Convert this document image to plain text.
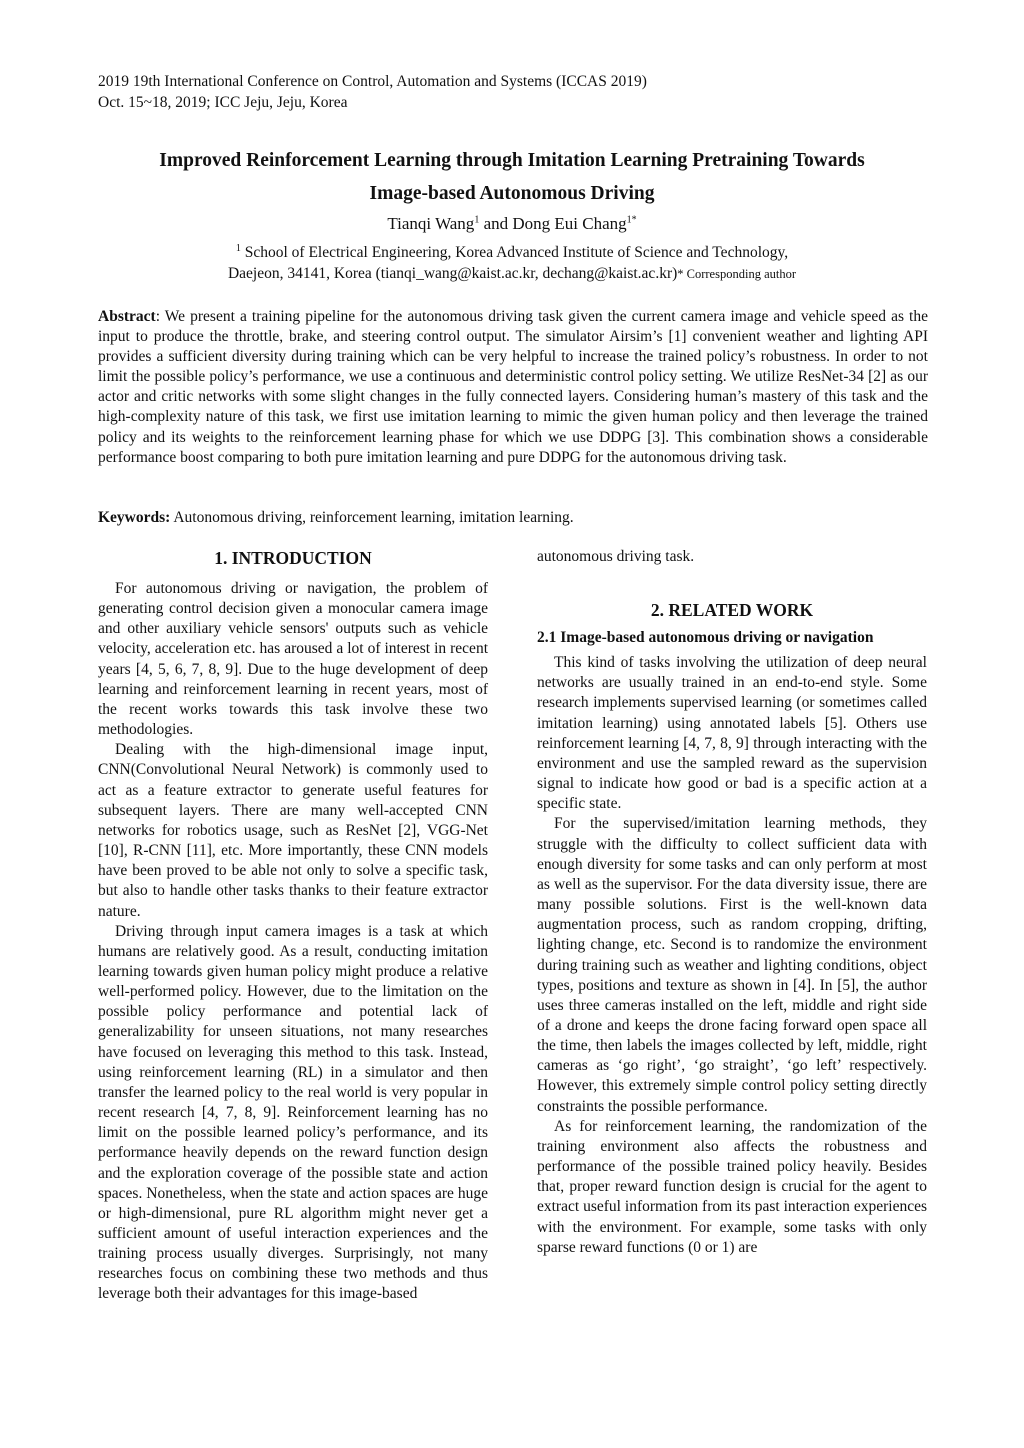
2019 19th International Conference on Control, Automation and Systems (ICCAS 2019)
Oct. 15~18, 2019; ICC Jeju, Jeju, Korea
Improved Reinforcement Learning through Imitation Learning Pretraining Towards
Image-based Autonomous Driving
Tianqi Wang$^1$ and Dong Eui Chang$^{1*}$
$^1$ School of Electrical Engineering, Korea Advanced Institute of Science and Technology,
Daejeon, 34141, Korea (tianqi_wang@kaist.ac.kr, dechang@kaist.ac.kr)* Corresponding author
Abstract: We present a training pipeline for the autonomous driving task given the current camera image and vehicle speed as the input to produce the throttle, brake, and steering control output. The simulator Airsim’s [1] convenient weather and lighting API provides a sufficient diversity during training which can be very helpful to increase the trained policy’s robustness. In order to not limit the possible policy’s performance, we use a continuous and deterministic control policy setting. We utilize ResNet-34 [2] as our actor and critic networks with some slight changes in the fully connected layers. Considering human’s mastery of this task and the high-complexity nature of this task, we first use imitation learning to mimic the given human policy and then leverage the trained policy and its weights to the reinforcement learning phase for which we use DDPG [3]. This combination shows a considerable performance boost comparing to both pure imitation learning and pure DDPG for the autonomous driving task.
Keywords: Autonomous driving, reinforcement learning, imitation learning.
1. INTRODUCTION

For autonomous driving or navigation, the problem of generating control decision given a monocular camera image and other auxiliary vehicle sensors' outputs such as vehicle velocity, acceleration etc. has aroused a lot of interest in recent years [4, 5, 6, 7, 8, 9]. Due to the huge development of deep learning and reinforcement learning in recent years, most of the recent works towards this task involve these two methodologies.

Dealing with the high-dimensional image input, CNN(Convolutional Neural Network) is commonly used to act as a feature extractor to generate useful features for subsequent layers. There are many well-accepted CNN networks for robotics usage, such as ResNet [2], VGG-Net [10], R-CNN [11], etc. More importantly, these CNN models have been proved to be able not only to solve a specific task, but also to handle other tasks thanks to their feature extractor nature.

Driving through input camera images is a task at which humans are relatively good. As a result, conducting imitation learning towards given human policy might produce a relative well-performed policy. However, due to the limitation on the possible policy performance and potential lack of generalizability for unseen situations, not many researches have focused on leveraging this method to this task. Instead, using reinforcement learning (RL) in a simulator and then transfer the learned policy to the real world is very popular in recent research [4, 7, 8, 9]. Reinforcement learning has no limit on the possible learned policy’s performance, and its performance heavily depends on the reward function design and the exploration coverage of the possible state and action spaces. Nonetheless, when the state and action spaces are huge or high-dimensional, pure RL algorithm might never get a sufficient amount of useful interaction experiences and the training process usually diverges. Surprisingly, not many researches focus on combining these two methods and thus leverage both their advantages for this image-based

autonomous driving task.

2. RELATED WORK
2.1 Image-based autonomous driving or navigation

This kind of tasks involving the utilization of deep neural networks are usually trained in an end-to-end style. Some research implements supervised learning (or sometimes called imitation learning) using annotated labels [5]. Others use reinforcement learning [4, 7, 8, 9] through interacting with the environment and use the sampled reward as the supervision signal to indicate how good or bad is a specific action at a specific state.

For the supervised/imitation learning methods, they struggle with the difficulty to collect sufficient data with enough diversity for some tasks and can only perform at most as well as the supervisor. For the data diversity issue, there are many possible solutions. First is the well-known data augmentation process, such as random cropping, drifting, lighting change, etc. Second is to randomize the environment during training such as weather and lighting conditions, object types, positions and texture as shown in [4]. In [5], the author uses three cameras installed on the left, middle and right side of a drone and keeps the drone facing forward open space all the time, then labels the images collected by left, middle, right cameras as ‘go right’, ‘go straight’, ‘go left’ respectively. However, this extremely simple control policy setting directly constraints the possible performance.

As for reinforcement learning, the randomization of the training environment also affects the robustness and performance of the possible trained policy heavily. Besides that, proper reward function design is crucial for the agent to extract useful information from its past interaction experiences with the environment. For example, some tasks with only sparse reward functions (0 or 1) are
